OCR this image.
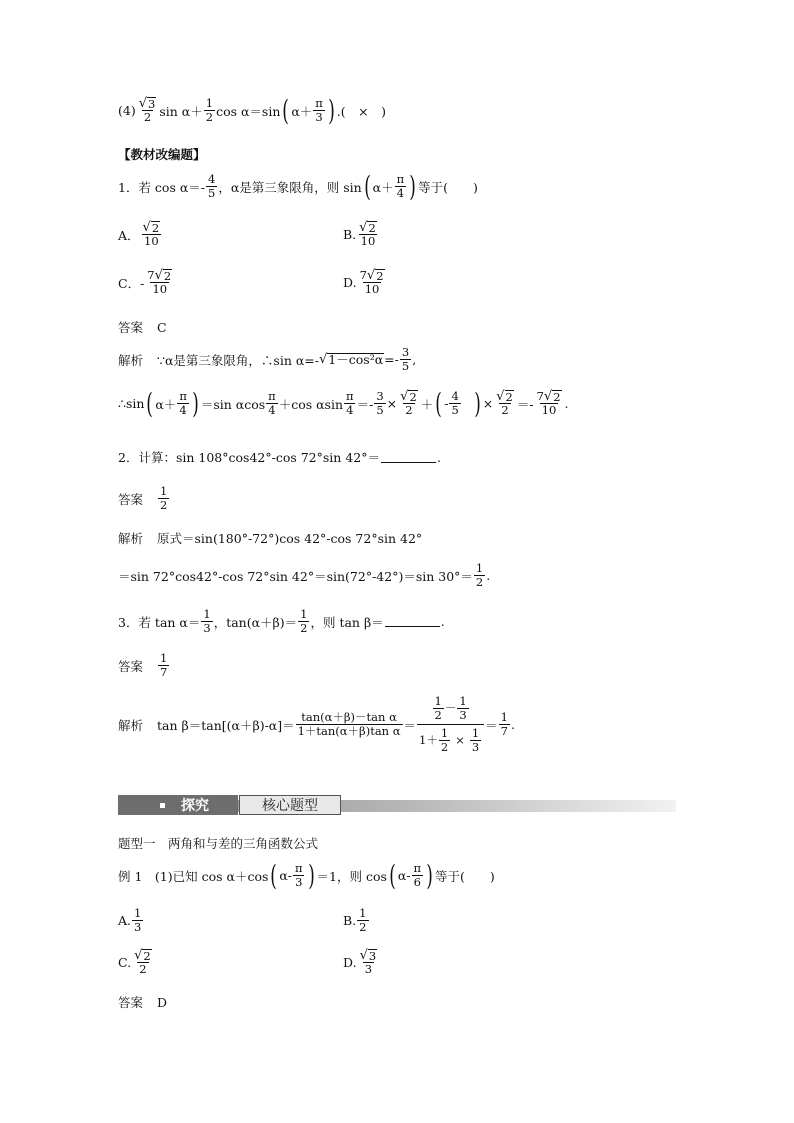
$(4) \frac{√ 3}{2}$ $\sin \alpha+ \frac{1}{2}$ cos α＝sin ( $\alpha+ \frac{\pi}{3}$ ) .(　×　)
【教材改编题】
1．若 $\cos \alpha=- \frac{4}{5}$ ，α是第三象限角，则 sin ( $\alpha+ \frac{\pi}{4}$ ) 等于(　　)
A． $\frac{√ 2}{10}$	B. $\frac{√ 2}{10}$
C．- $\frac{7 √ 2}{10}$	D. $\frac{7 √ 2}{10}$
答案 C
解析 ∵α是第三象限角，∴sin α=- √ $1-\cos^2\alpha =- \frac{3}{5}$ ,
∴sin ( $\alpha+ \frac{\pi}{4}$ ) ＝sin αcos $\frac{\pi}{4} +\cos$ αsin $\frac{\pi}{4} =- \frac{3}{5} \times \frac{√ 2}{2}$ ＋ ( - $\frac{4}{5}$ ) × $\frac{√ 2}{2} =- \frac{7 √ 2}{10}$ .
2．计算：sin 108°cos42°-cos 72°sin 42°＝	.
答案 $\frac{1}{2}$
解析 原式＝sin(180°-72°)cos 42°-cos 72°sin 42°
＝sin 72°cos42°-cos 72°sin 42°＝sin(72°-42°)＝sin $30^\circ= \frac{1}{2}$ .
3．若 $\tan \alpha= \frac{1}{3}$ ，$\tan(\alpha+\beta)= \frac{1}{2}$ ，则 tan β＝	.
答案 $\frac{1}{7}$
解析 $\tan \beta=\tan[(\alpha+\beta)-\alpha]= \frac{\text{tan(α＋β)－tan α}}{\text{1＋tan(α＋β)tan α}} = \frac{\frac{1}{2} - \frac{1}{3}}{1+ \frac{1}{2} \times \frac{1}{3}} = \frac{1}{7}$ .
探究	核心题型
题型一　两角和与差的三角函数公式
例 1　(1)已知 cos α＋cos ( $\alpha- \frac{\pi}{3}$ ) ＝1，则 cos ( $\alpha- \frac{\pi}{6}$ ) 等于(　　)
A. $\frac{1}{3}$	B. $\frac{1}{2}$
C. $\frac{√ 2}{2}$	D. $\frac{√ 3}{3}$
答案 D
